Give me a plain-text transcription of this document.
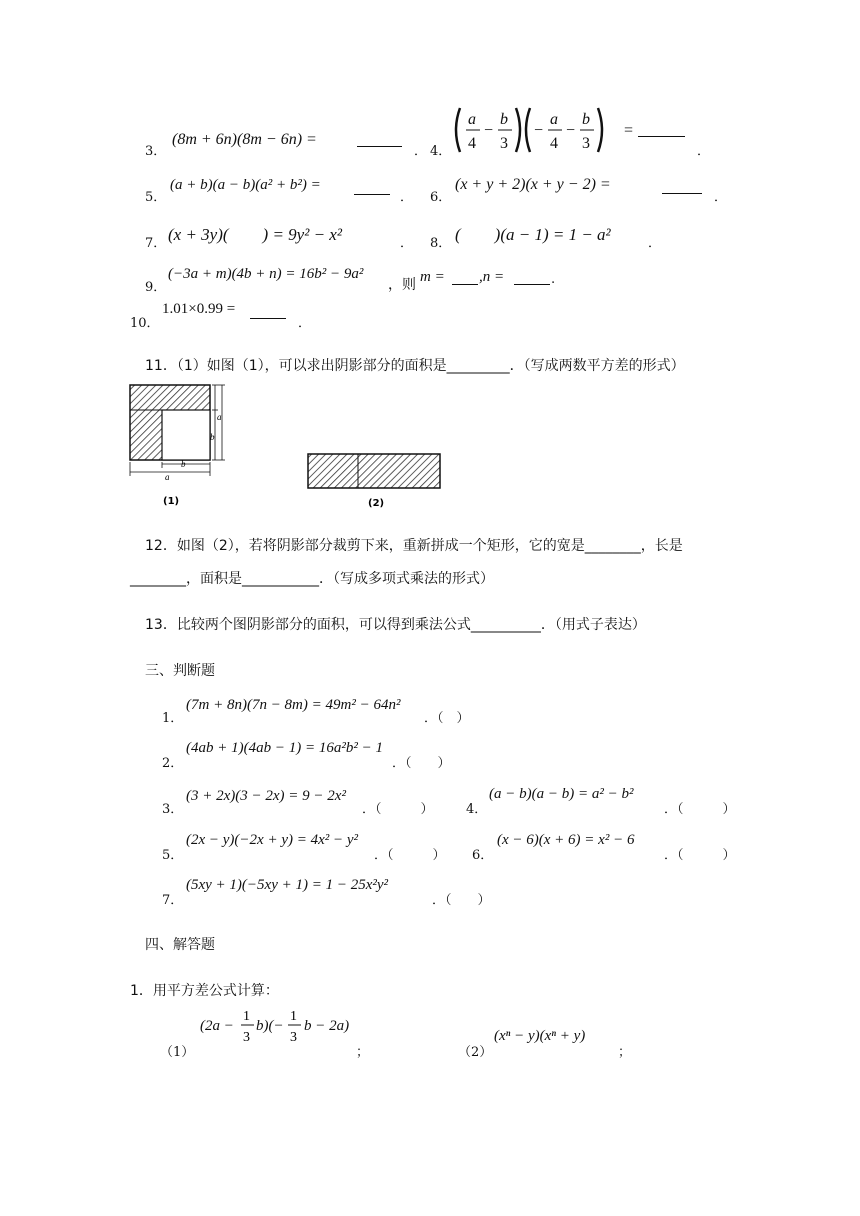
3．
(8m + 6n)(8m − 6n) =
． 4．
a
4
−
b
3
−
a
4
−
b
3
=
．
5．
(a + b)(a − b)(a² + b²) =
． 6．
(x + y + 2)(x + y − 2) =
．
7． (x + 3y)(　　) = 9y² − x²	． 8． (　　)(a − 1) = 1 − a²	．
9．
(−3a + m)(4b + n) = 16b² − 9a²
，则 m = ,n =	.
10．
1.01×0.99 =
．
11．（1）如图（1），可以求出阴影部分的面积是_________．（写成两数平方差的形式）
a
b
b
a
(1)	(2)
12．如图（2），若将阴影部分裁剪下来，重新拼成一个矩形，它的宽是________，长是
________，面积是___________．（写成多项式乘法的形式）
13．比较两个图阴影部分的面积，可以得到乘法公式__________．（用式子表达）
三、判断题
1．
(7m + 8n)(7n − 8m) = 49m² − 64n²
．（　）
2．
(4ab + 1)(4ab − 1) = 16a²b² − 1
．（　　）
3．
(3 + 2x)(3 − 2x) = 9 − 2x²
．（　　　） 4．
(a − b)(a − b) = a² − b²
．（　　　）
5．
(2x − y)(−2x + y) = 4x² − y²
．（　　　） 6．
(x − 6)(x + 6) = x² − 6
．（　　　）
7．
(5xy + 1)(−5xy + 1) = 1 − 25x²y²
．（　　）
四、解答题
1．用平方差公式计算：
（1）
(2a −
1
3
b)(−
1
3
b − 2a)
；	（2）
(xⁿ − y)(xⁿ + y)
；
